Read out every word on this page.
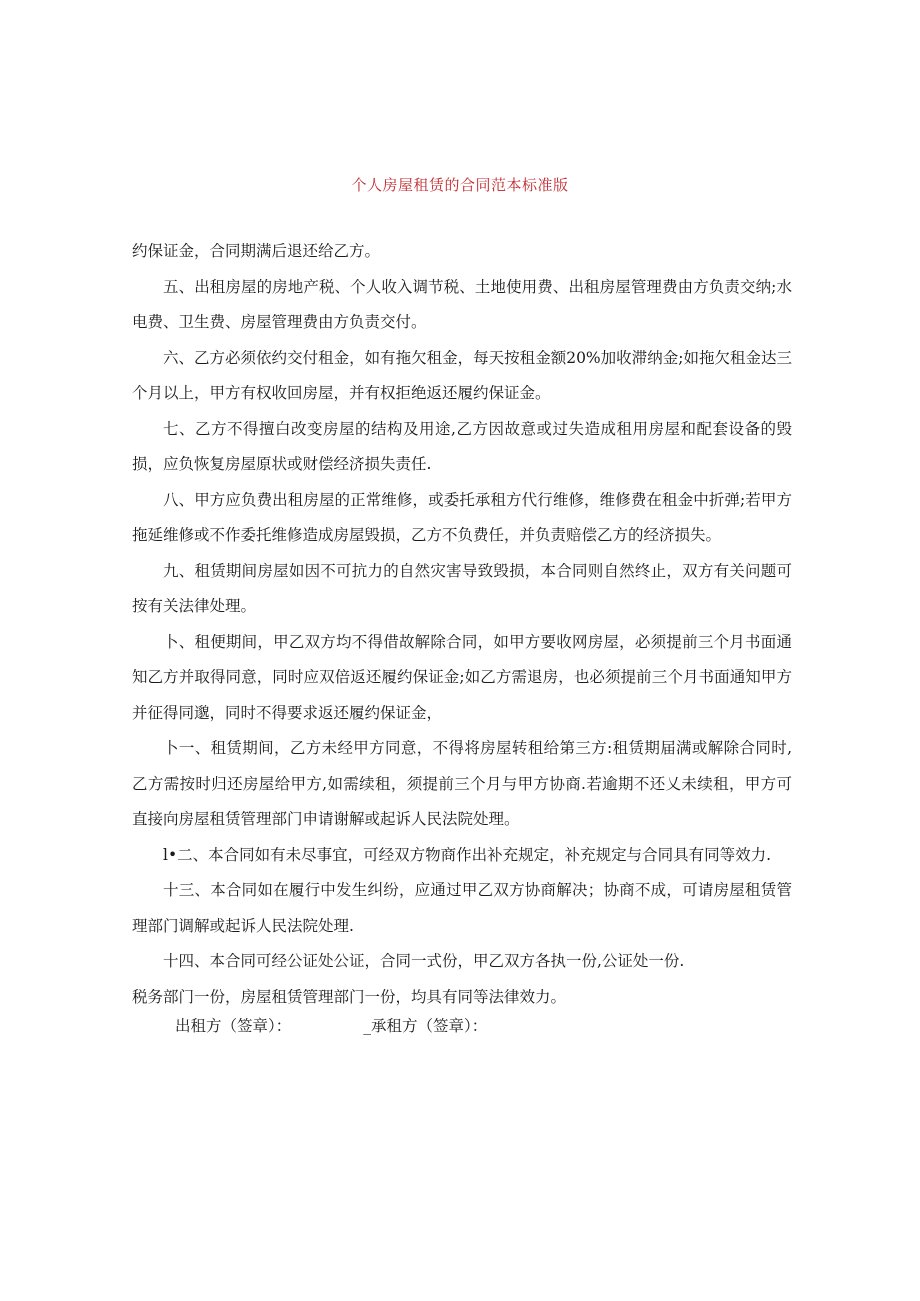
个人房屋租赁的合同范本标准版

约保证金，合同期满后退还给乙方。

五、出租房屋的房地产税、个人收入调节税、土地使用费、出租房屋管理费由方负责交纳;水电费、卫生费、房屋管理费由方负责交付。

六、乙方必须依约交付租金，如有拖欠租金，每天按租金额20%加收滞纳金;如拖欠租金达三个月以上，甲方有权收回房屋，并有权拒绝返还履约保证金。

七、乙方不得擅白改变房屋的结构及用途,乙方因故意或过失造成租用房屋和配套设备的毁损，应负恢复房屋原状或财偿经济损失责任.

八、甲方应负费出租房屋的正常维修，或委托承租方代行维修，维修费在租金中折弹;若甲方拖延维修或不作委托维修造成房屋毁损，乙方不负费任，并负责赔偿乙方的经济损失。

九、租赁期间房屋如因不可抗力的自然灾害导致毁损，本合同则自然终止，双方有关问题可按有关法律处理。

卜、租便期间，甲乙双方均不得借故解除合同，如甲方要收网房屋，必须提前三个月书面通知乙方并取得同意，同时应双倍返还履约保证金;如乙方需退房，也必须提前三个月书面通知甲方并征得同邈，同时不得要求返还履约保证金，

卜一、租赁期间，乙方未经甲方同意，不得将房屋转租给第三方:租赁期届满或解除合同时,乙方需按时归还房屋给甲方,如需续租，须提前三个月与甲方协商.若逾期不还乂未续租，甲方可直接向房屋租赁管理部门申请谢解或起诉人民法院处理。

l•二、本合同如有未尽事宜，可经双方物商作出补充规定，补充规定与合同具有同等效力.

十三、本合同如在履行中发生纠纷，应通过甲乙双方协商解决；协商不成，可请房屋租赁管理部门调解或起诉人民法院处理.

十四、本合同可经公证处公证，合同一式份，甲乙双方各执一份,公证处一份.

税务部门一份，房屋租赁管理部门一份，均具有同等法律效力。

出租方（签章）：	_承租方（签章）：
